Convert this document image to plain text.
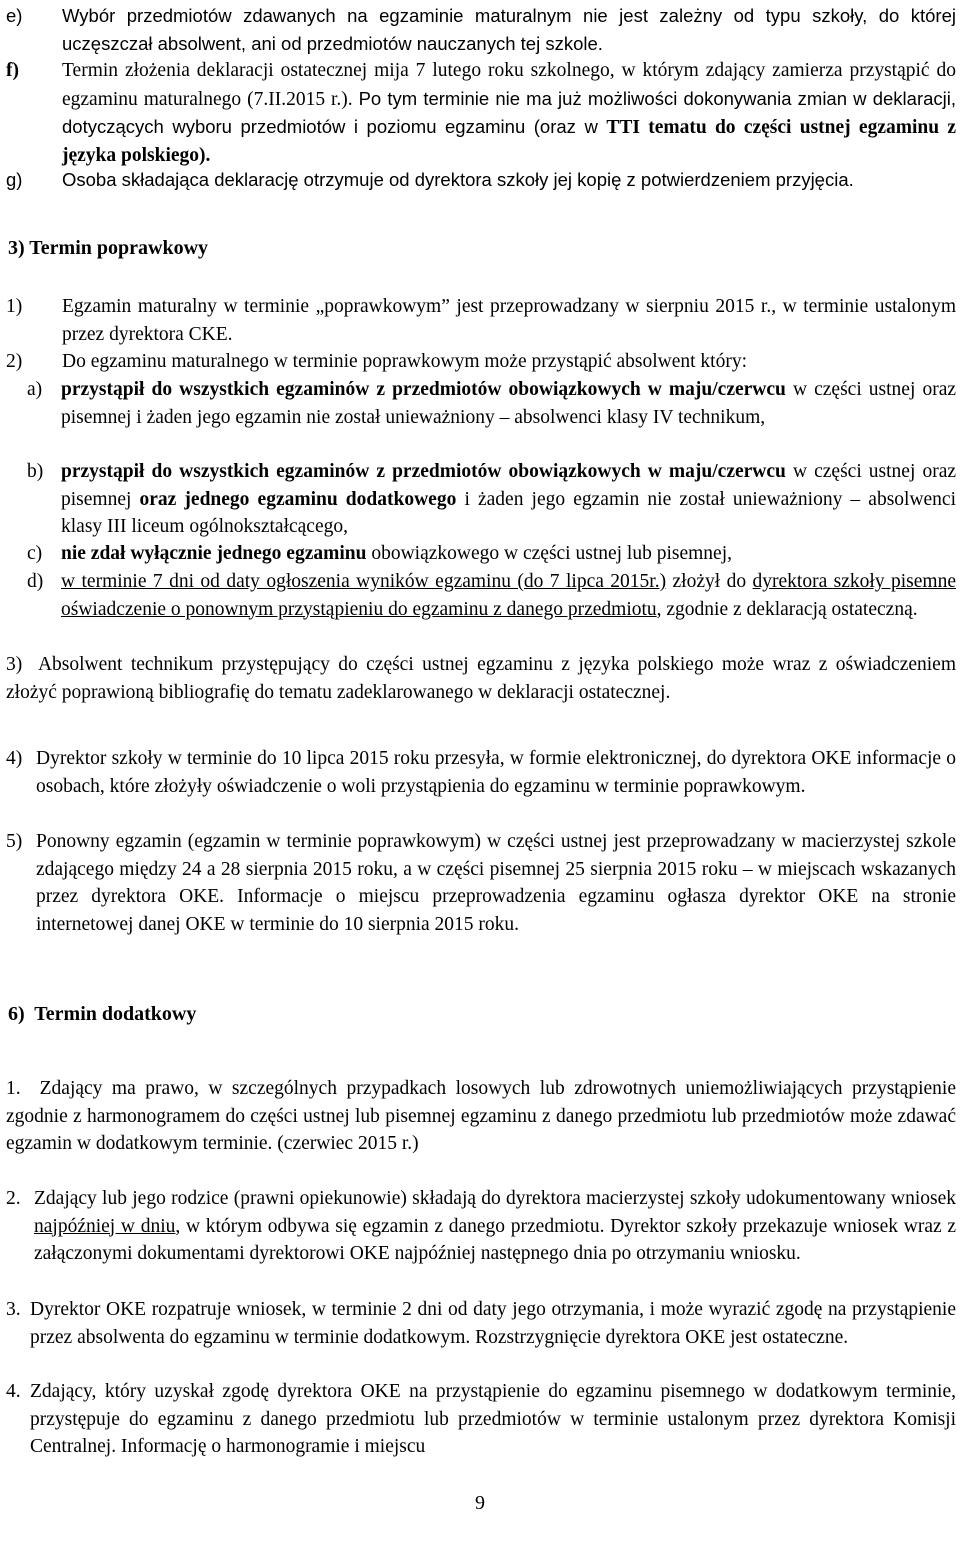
e) Wybór przedmiotów zdawanych na egzaminie maturalnym nie jest zależny od typu szkoły, do której uczęszczał absolwent, ani od przedmiotów nauczanych tej szkole.
f) Termin złożenia deklaracji ostatecznej mija 7 lutego roku szkolnego, w którym zdający zamierza przystąpić do egzaminu maturalnego (7.II.2015 r.). Po tym terminie nie ma już możliwości dokonywania zmian w deklaracji, dotyczących wyboru przedmiotów i poziomu egzaminu (oraz w TTI tematu do części ustnej egzaminu z języka polskiego).
g) Osoba składająca deklarację otrzymuje od dyrektora szkoły jej kopię z potwierdzeniem przyjęcia.
3) Termin poprawkowy
1) Egzamin maturalny w terminie „poprawkowym” jest przeprowadzany w sierpniu 2015 r., w terminie ustalonym przez dyrektora CKE.
2) Do egzaminu maturalnego w terminie poprawkowym może przystąpić absolwent który:
a) przystąpił do wszystkich egzaminów z przedmiotów obowiązkowych w maju/czerwcu w części ustnej oraz pisemnej i żaden jego egzamin nie został unieważniony – absolwenci klasy IV technikum,
b) przystąpił do wszystkich egzaminów z przedmiotów obowiązkowych w maju/czerwcu w części ustnej oraz pisemnej oraz jednego egzaminu dodatkowego i żaden jego egzamin nie został unieważniony – absolwenci klasy III liceum ogólnokształcącego,
c) nie zdał wyłącznie jednego egzaminu obowiązkowego w części ustnej lub pisemnej,
d) w terminie 7 dni od daty ogłoszenia wyników egzaminu (do 7 lipca 2015r.) złożył do dyrektora szkoły pisemne oświadczenie o ponownym przystąpieniu do egzaminu z danego przedmiotu, zgodnie z deklaracją ostateczną.
3) Absolwent technikum przystępujący do części ustnej egzaminu z języka polskiego może wraz z oświadczeniem złożyć poprawioną bibliografię do tematu zadeklarowanego w deklaracji ostatecznej.
4) Dyrektor szkoły w terminie do 10 lipca 2015 roku przesyła, w formie elektronicznej, do dyrektora OKE informacje o osobach, które złożyły oświadczenie o woli przystąpienia do egzaminu w terminie poprawkowym.
5) Ponowny egzamin (egzamin w terminie poprawkowym) w części ustnej jest przeprowadzany w macierzystej szkole zdającego między 24 a 28 sierpnia 2015 roku, a w części pisemnej 25 sierpnia 2015 roku – w miejscach wskazanych przez dyrektora OKE. Informacje o miejscu przeprowadzenia egzaminu ogłasza dyrektor OKE na stronie internetowej danej OKE w terminie do 10 sierpnia 2015 roku.
6)  Termin dodatkowy
1. Zdający ma prawo, w szczególnych przypadkach losowych lub zdrowotnych uniemożliwiających przystąpienie zgodnie z harmonogramem do części ustnej lub pisemnej egzaminu z danego przedmiotu lub przedmiotów może zdawać egzamin w dodatkowym terminie. (czerwiec 2015 r.)
2. Zdający lub jego rodzice (prawni opiekunowie) składają do dyrektora macierzystej szkoły udokumentowany wniosek najpóźniej w dniu, w którym odbywa się egzamin z danego przedmiotu. Dyrektor szkoły przekazuje wniosek wraz z załączonymi dokumentami dyrektorowi OKE najpóźniej następnego dnia po otrzymaniu wniosku.
3. Dyrektor OKE rozpatruje wniosek, w terminie 2 dni od daty jego otrzymania, i może wyrazić zgodę na przystąpienie przez absolwenta do egzaminu w terminie dodatkowym. Rozstrzygnięcie dyrektora OKE jest ostateczne.
4. Zdający, który uzyskał zgodę dyrektora OKE na przystąpienie do egzaminu pisemnego w dodatkowym terminie, przystępuje do egzaminu z danego przedmiotu lub przedmiotów w terminie ustalonym przez dyrektora Komisji Centralnej. Informację o harmonogramie i miejscu
9
